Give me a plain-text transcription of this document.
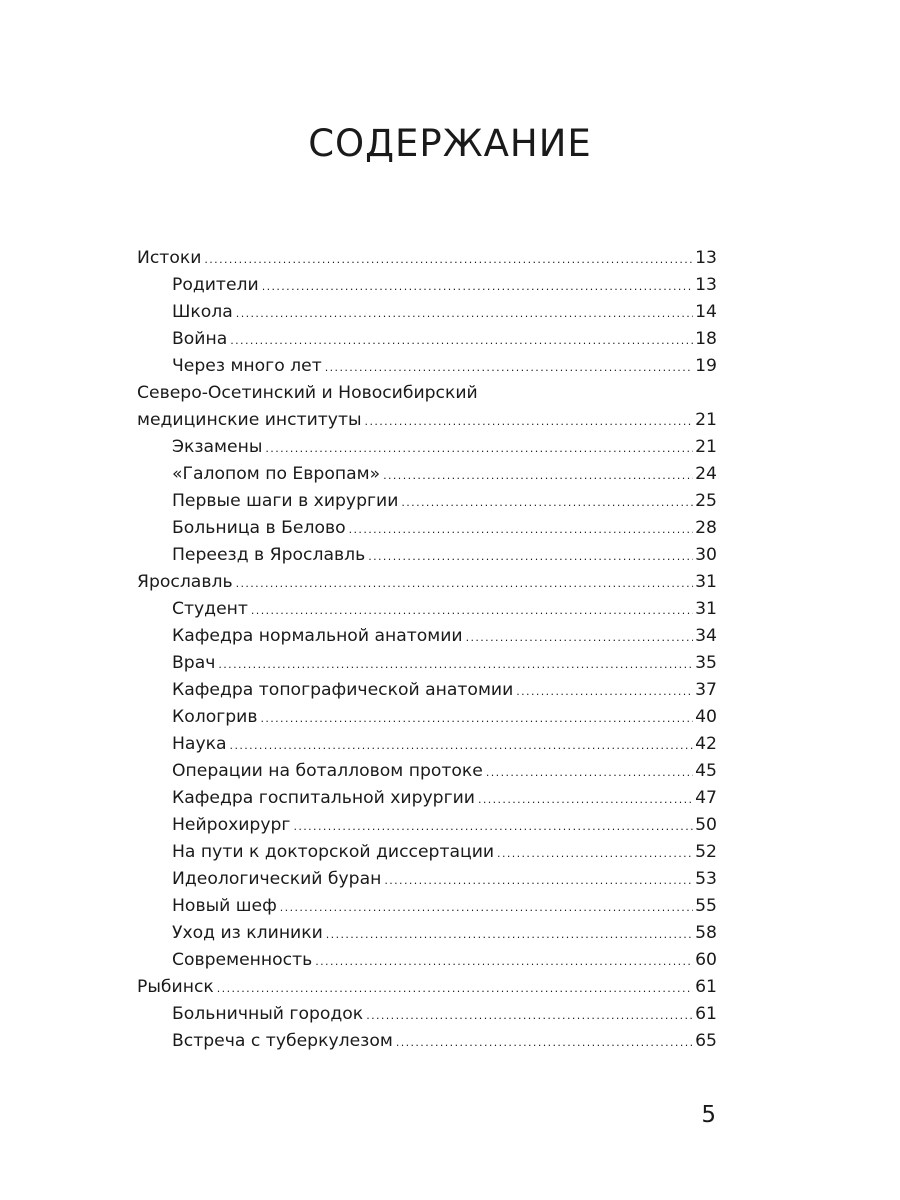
СОДЕРЖАНИЕ
Истоки .....	13
Родители .....	13
Школа .....	14
Война .....	18
Через много лет .....	19
Северо-Осетинский и Новосибирский
медицинские институты .....	21
Экзамены .....	21
«Галопом по Европам» .....	24
Первые шаги в хирургии .....	25
Больница в Белово .....	28
Переезд в Ярославль .....	30
Ярославль .....	31
Студент .....	31
Кафедра нормальной анатомии .....	34
Врач .....	35
Кафедра топографической анатомии .....	37
Кологрив .....	40
Наука .....	42
Операции на боталловом протоке .....	45
Кафедра госпитальной хирургии .....	47
Нейрохирург .....	50
На пути к докторской диссертации .....	52
Идеологический буран .....	53
Новый шеф .....	55
Уход из клиники .....	58
Современность .....	60
Рыбинск .....	61
Больничный городок .....	61
Встреча с туберкулезом .....	65
5
